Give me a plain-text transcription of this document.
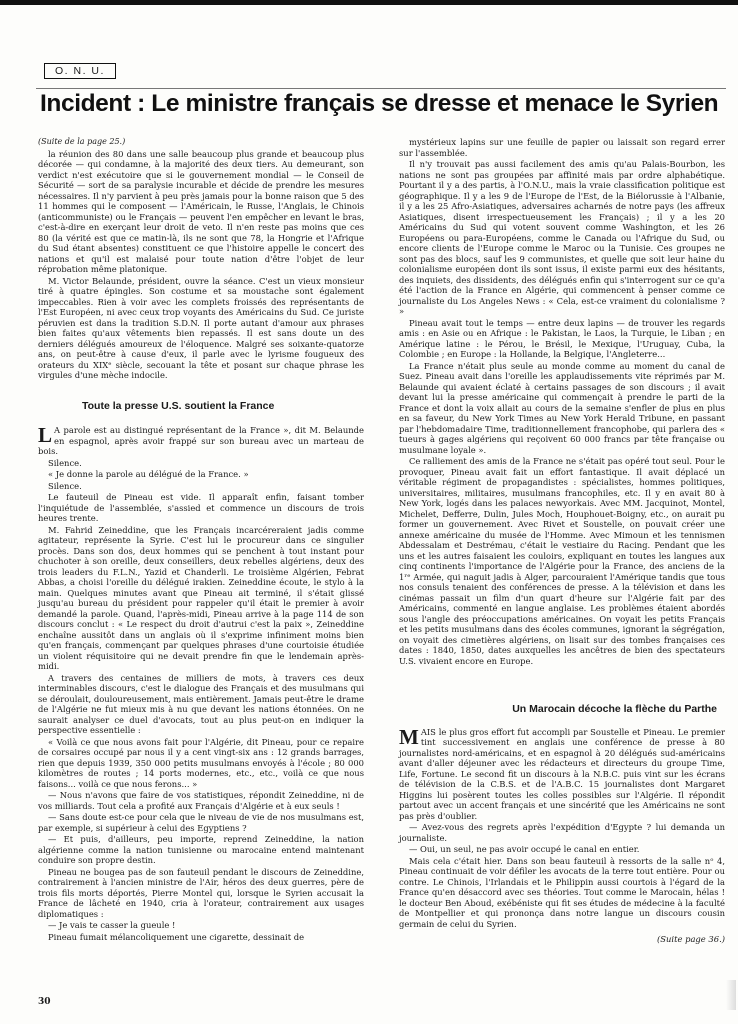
O. N. U.
Incident : Le ministre français se dresse et menace le Syrien

(Suite de la page 25.)

la réunion des 80 dans une salle beaucoup plus grande et beaucoup plus décorée — qui condamne, à la majorité des deux tiers. Au demeurant, son verdict n'est exécutoire que si le gouvernement mondial — le Conseil de Sécurité — sort de sa paralysie incurable et décide de prendre les mesures nécessaires. Il n'y parvient à peu près jamais pour la bonne raison que 5 des 11 hommes qui le composent — l'Américain, le Russe, l'Anglais, le Chinois (anticommuniste) ou le Français — peuvent l'en empêcher en levant le bras, c'est-à-dire en exerçant leur droit de veto. Il n'en reste pas moins que ces 80 (la vérité est que ce matin-là, ils ne sont que 78, la Hongrie et l'Afrique du Sud étant absentes) constituent ce que l'histoire appelle le concert des nations et qu'il est malaisé pour toute nation d'être l'objet de leur réprobation même platonique.

M. Victor Belaunde, président, ouvre la séance. C'est un vieux monsieur tiré à quatre épingles. Son costume et sa moustache sont également impeccables. Rien à voir avec les complets froissés des représentants de l'Est Européen, ni avec ceux trop voyants des Américains du Sud. Ce juriste péruvien est dans la tradition S.D.N. Il porte autant d'amour aux phrases bien faites qu'aux vêtements bien repassés. Il est sans doute un des derniers délégués amoureux de l'éloquence. Malgré ses soixante-quatorze ans, on peut-être à cause d'eux, il parle avec le lyrisme fougueux des orateurs du XIXᵉ siècle, secouant la tête et posant sur chaque phrase les virgules d'une mèche indocile.

Toute la presse U.S. soutient la France

L A parole est au distingué représentant de la France », dit M. Belaunde en espagnol, après avoir frappé sur son bureau avec un marteau de bois.

Silence.

« Je donne la parole au délégué de la France. »

Silence.

Le fauteuil de Pineau est vide. Il apparaît enfin, faisant tomber l'inquiétude de l'assemblée, s'assied et commence un discours de trois heures trente.

M. Fahrid Zeineddine, que les Français incarcéreraient jadis comme agitateur, représente la Syrie. C'est lui le procureur dans ce singulier procès. Dans son dos, deux hommes qui se penchent à tout instant pour chuchoter à son oreille, deux conseillers, deux rebelles algériens, deux des trois leaders du F.L.N., Yazid et Chanderli. Le troisième Algérien, Febrat Abbas, a choisi l'oreille du délégué irakien. Zeineddine écoute, le stylo à la main. Quelques minutes avant que Pineau ait terminé, il s'était glissé jusqu'au bureau du président pour rappeler qu'il était le premier à avoir demandé la parole. Quand, l'après-midi, Pineau arrive à la page 114 de son discours conclut : « Le respect du droit d'autrui c'est la paix », Zeineddine enchaîne aussitôt dans un anglais où il s'exprime infiniment moins bien qu'en français, commençant par quelques phrases d'une courtoisie étudiée un violent réquisitoire qui ne devait prendre fin que le lendemain après-midi.

A travers des centaines de milliers de mots, à travers ces deux interminables discours, c'est le dialogue des Français et des musulmans qui se déroulait, douloureusement, mais entièrement. Jamais peut-être le drame de l'Algérie ne fut mieux mis à nu que devant les nations étonnées. On ne saurait analyser ce duel d'avocats, tout au plus peut-on en indiquer la perspective essentielle :

« Voilà ce que nous avons fait pour l'Algérie, dit Pineau, pour ce repaire de corsaires occupé par nous il y a cent vingt-six ans : 12 grands barrages, rien que depuis 1939, 350 000 petits musulmans envoyés à l'école ; 80 000 kilomètres de routes ; 14 ports modernes, etc., etc., voilà ce que nous faisons... voilà ce que nous ferons... »

— Nous n'avons que faire de vos statistiques, répondit Zeineddine, ni de vos milliards. Tout cela a profité aux Français d'Algérie et à eux seuls !

— Sans doute est-ce pour cela que le niveau de vie de nos musulmans est, par exemple, si supérieur à celui des Egyptiens ?

— Et puis, d'ailleurs, peu importe, reprend Zeineddine, la nation algérienne comme la nation tunisienne ou marocaine entend maintenant conduire son propre destin.

Pineau ne bougea pas de son fauteuil pendant le discours de Zeineddine, contrairement à l'ancien ministre de l'Air, héros des deux guerres, père de trois fils morts déportés, Pierre Montel qui, lorsque le Syrien accusait la France de lâcheté en 1940, cria à l'orateur, contrairement aux usages diplomatiques :

— Je vais te casser la gueule !

Pineau fumait mélancoliquement une cigarette, dessinait de

mystérieux lapins sur une feuille de papier ou laissait son regard errer sur l'assemblée.

Il n'y trouvait pas aussi facilement des amis qu'au Palais-Bourbon, les nations ne sont pas groupées par affinité mais par ordre alphabétique. Pourtant il y a des partis, à l'O.N.U., mais la vraie classification politique est géographique. Il y a les 9 de l'Europe de l'Est, de la Biélorussie à l'Albanie, il y a les 25 Afro-Asiatiques, adversaires acharnés de notre pays (les affreux Asiatiques, disent irrespectueusement les Français) ; il y a les 20 Américains du Sud qui votent souvent comme Washington, et les 26 Européens ou para-Européens, comme le Canada ou l'Afrique du Sud, ou encore clients de l'Europe comme le Maroc ou la Tunisie. Ces groupes ne sont pas des blocs, sauf les 9 communistes, et quelle que soit leur haine du colonialisme européen dont ils sont issus, il existe parmi eux des hésitants, des inquiets, des dissidents, des délégués enfin qui s'interrogent sur ce qu'a été l'action de la France en Algérie, qui commencent à penser comme ce journaliste du Los Angeles News : « Cela, est-ce vraiment du colonialisme ? »

Pineau avait tout le temps — entre deux lapins — de trouver les regards amis : en Asie ou en Afrique : le Pakistan, le Laos, la Turquie, le Liban ; en Amérique latine : le Pérou, le Brésil, le Mexique, l'Uruguay, Cuba, la Colombie ; en Europe : la Hollande, la Belgique, l'Angleterre...

La France n'était plus seule au monde comme au moment du canal de Suez. Pineau avait dans l'oreille les applaudissements vite réprimés par M. Belaunde qui avaient éclaté à certains passages de son discours ; il avait devant lui la presse américaine qui commençait à prendre le parti de la France et dont la voix allait au cours de la semaine s'enfler de plus en plus en sa faveur, du New York Times au New York Herald Tribune, en passant par l'hebdomadaire Time, traditionnellement francophobe, qui parlera des « tueurs à gages algériens qui reçoivent 60 000 francs par tête française ou musulmane loyale ».

Ce ralliement des amis de la France ne s'était pas opéré tout seul. Pour le provoquer, Pineau avait fait un effort fantastique. Il avait déplacé un véritable régiment de propagandistes : spécialistes, hommes politiques, universitaires, militaires, musulmans francophiles, etc. Il y en avait 80 à New York, logés dans les palaces newyorkais. Avec MM. Jacquinot, Montel, Michelet, Defferre, Dulin, Jules Moch, Houphouet-Boigny, etc., on aurait pu former un gouvernement. Avec Rivet et Soustelle, on pouvait créer une annexe américaine du musée de l'Homme. Avec Mimoun et les tennismen Abdessalam et Destrémau, c'était le vestiaire du Racing. Pendant que les uns et les autres faisaient les couloirs, expliquant en toutes les langues aux cinq continents l'importance de l'Algérie pour la France, des anciens de la 1ʳᵉ Armée, qui naguit jadis à Alger, parcouraient l'Amérique tandis que tous nos consuls tenaient des conférences de presse. A la télévision et dans les cinémas passait un film d'un quart d'heure sur l'Algérie fait par des Américains, commenté en langue anglaise. Les problèmes étaient abordés sous l'angle des préoccupations américaines. On voyait les petits Français et les petits musulmans dans des écoles communes, ignorant la ségrégation, on voyait des cimetières algériens, on lisait sur des tombes françaises ces dates : 1840, 1850, dates auxquelles les ancêtres de bien des spectateurs U.S. vivaient encore en Europe.

Un Marocain décoche la flèche du Parthe

MAIS le plus gros effort fut accompli par Soustelle et Pineau. Le premier tint successivement en anglais une conférence de presse à 80 journalistes nord-américains, et en espagnol à 20 délégués sud-américains avant d'aller déjeuner avec les rédacteurs et directeurs du groupe Time, Life, Fortune. Le second fit un discours à la N.B.C. puis vint sur les écrans de télévision de la C.B.S. et de l'A.B.C. 15 journalistes dont Margaret Higgins lui posèrent toutes les colles possibles sur l'Algérie. Il répondit partout avec un accent français et une sincérité que les Américains ne sont pas près d'oublier.

— Avez-vous des regrets après l'expédition d'Egypte ? lui demanda un journaliste.

— Oui, un seul, ne pas avoir occupé le canal en entier.

Mais cela c'était hier. Dans son beau fauteuil à ressorts de la salle nᵒ 4, Pineau continuait de voir défiler les avocats de la terre tout entière. Pour ou contre. Le Chinois, l'Irlandais et le Philippin aussi courtois à l'égard de la France qu'en désaccord avec ses théories. Tout comme le Marocain, hélas ! le docteur Ben Aboud, exébéniste qui fit ses études de médecine à la faculté de Montpellier et qui prononça dans notre langue un discours cousin germain de celui du Syrien.

(Suite page 36.)
30
